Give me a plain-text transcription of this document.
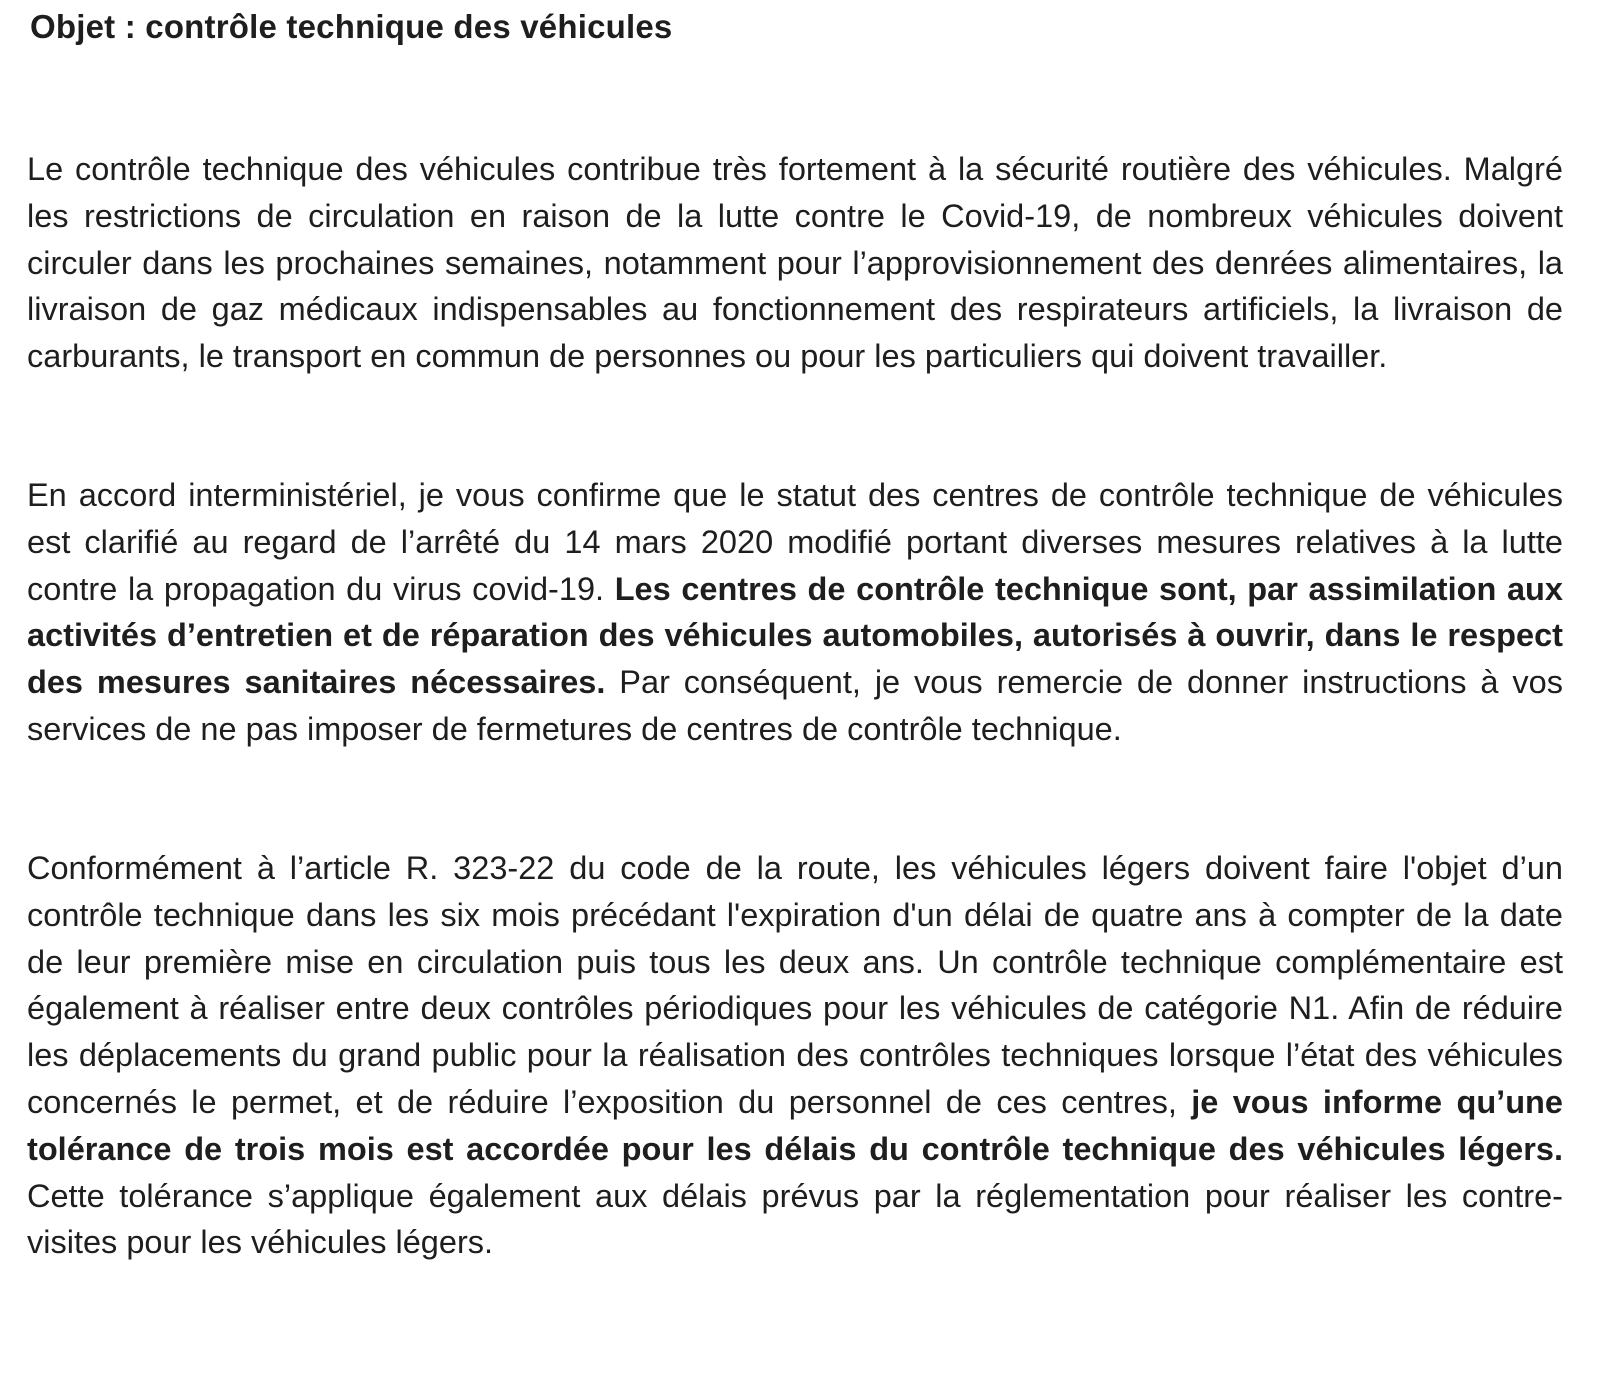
Objet : contrôle technique des véhicules

Le contrôle technique des véhicules contribue très fortement à la sécurité routière des véhicules. Malgré les restrictions de circulation en raison de la lutte contre le Covid-19, de nombreux véhicules doivent circuler dans les prochaines semaines, notamment pour l’approvisionnement des denrées alimentaires, la livraison de gaz médicaux indispensables au fonctionnement des respirateurs artificiels, la livraison de carburants, le transport en commun de personnes ou pour les particuliers qui doivent travailler.

En accord interministériel, je vous confirme que le statut des centres de contrôle technique de véhicules est clarifié au regard de l’arrêté du 14 mars 2020 modifié portant diverses mesures relatives à la lutte contre la propagation du virus covid-19. Les centres de contrôle technique sont, par assimilation aux activités d’entretien et de réparation des véhicules automobiles, autorisés à ouvrir, dans le respect des mesures sanitaires nécessaires. Par conséquent, je vous remercie de donner instructions à vos services de ne pas imposer de fermetures de centres de contrôle technique.

Conformément à l’article R. 323-22 du code de la route, les véhicules légers doivent faire l'objet d’un contrôle technique dans les six mois précédant l'expiration d'un délai de quatre ans à compter de la date de leur première mise en circulation puis tous les deux ans. Un contrôle technique complémentaire est également à réaliser entre deux contrôles périodiques pour les véhicules de catégorie N1. Afin de réduire les déplacements du grand public pour la réalisation des contrôles techniques lorsque l’état des véhicules concernés le permet, et de réduire l’exposition du personnel de ces centres, je vous informe qu’une tolérance de trois mois est accordée pour les délais du contrôle technique des véhicules légers. Cette tolérance s’applique également aux délais prévus par la réglementation pour réaliser les contre-visites pour les véhicules légers.
